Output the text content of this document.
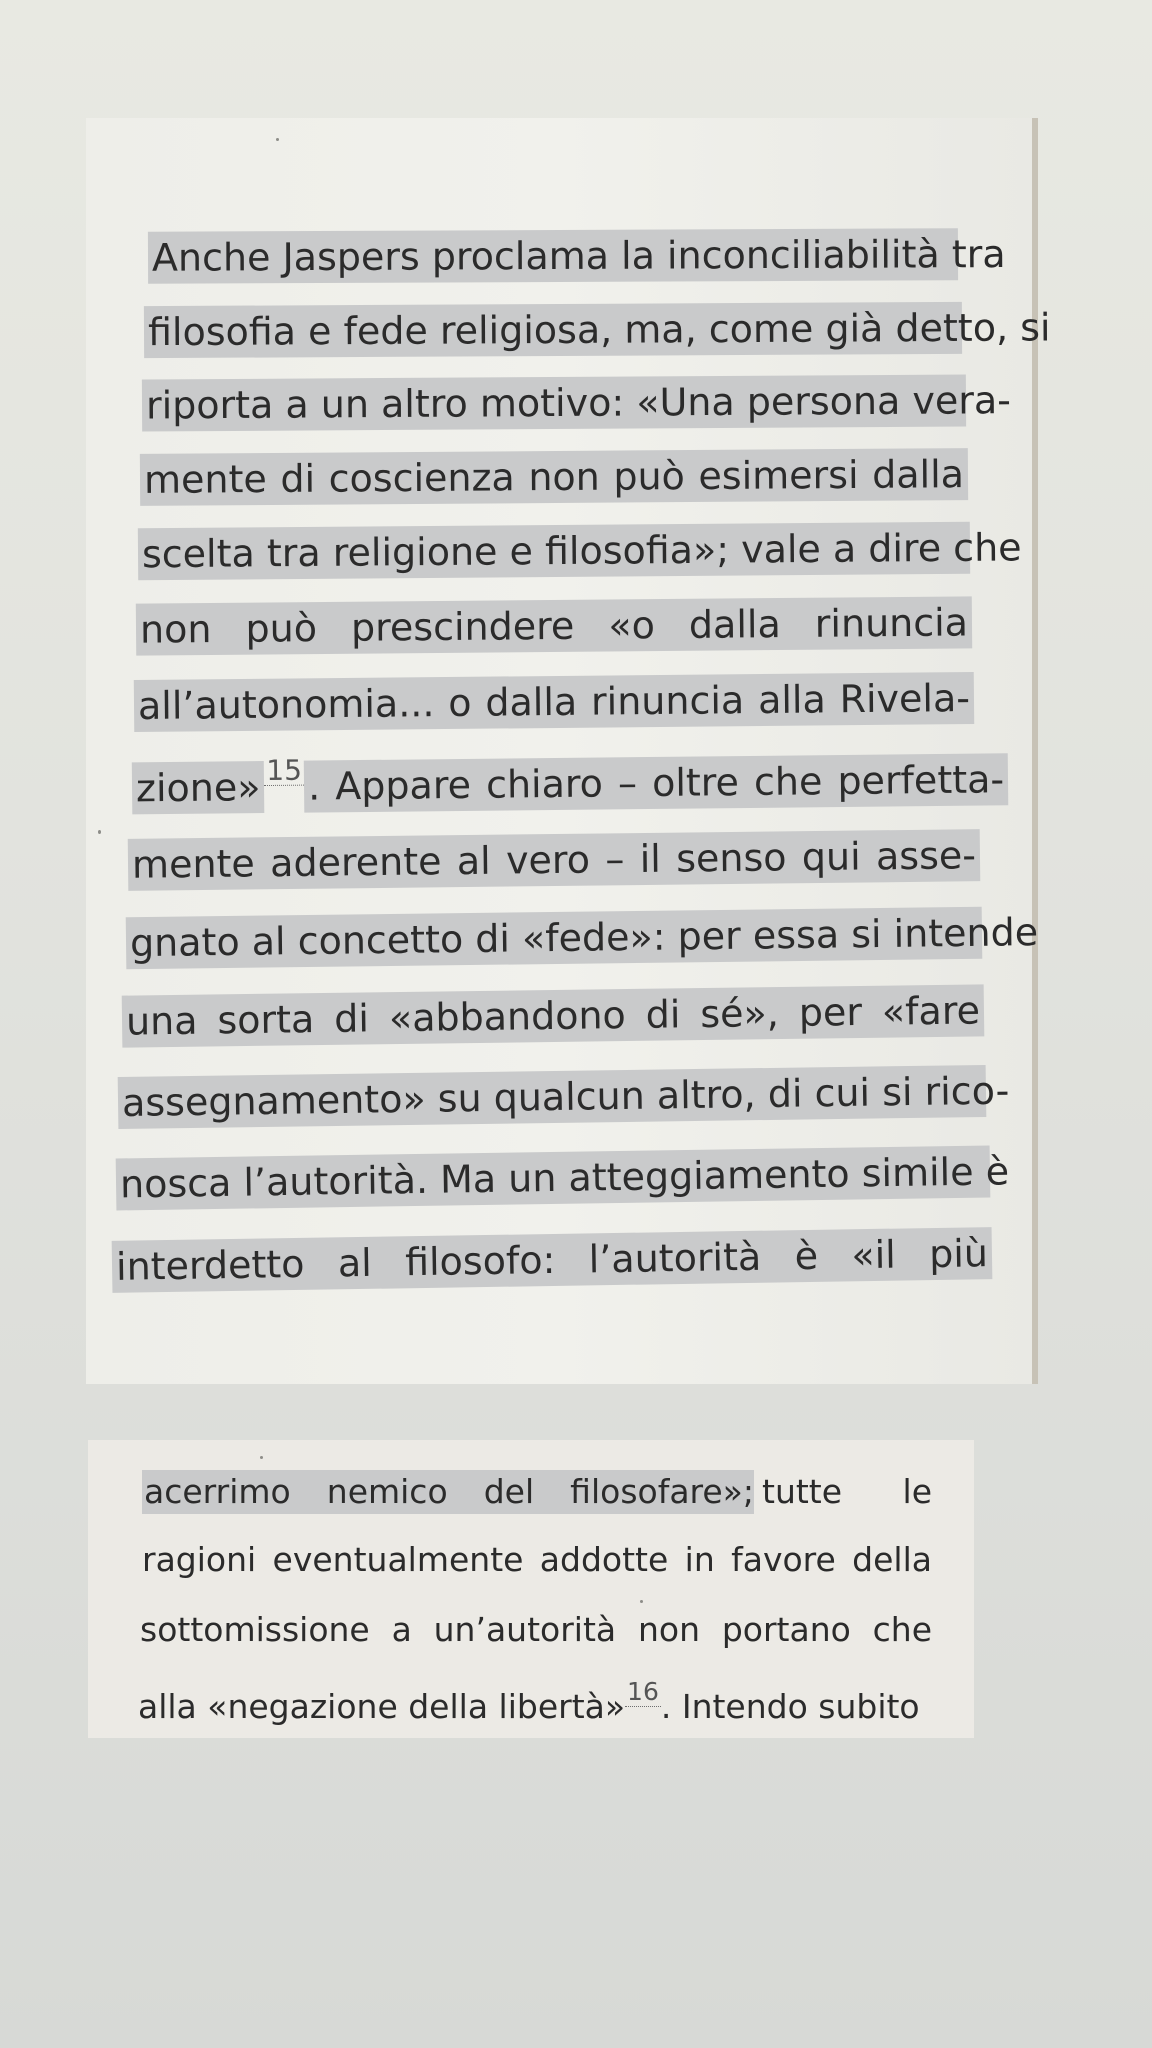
Anche Jaspers proclama la inconciliabilità tra
filosofia e fede religiosa, ma, come già detto, si
riporta a un altro motivo: «Una persona vera-
mente di coscienza non può esimersi dalla
scelta tra religione e filosofia»; vale a dire che
non può prescindere «o dalla rinuncia
all’autonomia... o dalla rinuncia alla Rivela-
zione» 15 . Appare chiaro – oltre che perfetta-
mente aderente al vero – il senso qui asse-
gnato al concetto di «fede»: per essa si intende
una sorta di «abbandono di sé», per «fare
assegnamento» su qualcun altro, di cui si rico-
nosca l’autorità. Ma un atteggiamento simile è
interdetto al filosofo: l’autorità è «il più
acerrimo nemico del filosofare»; tutte le
ragioni eventualmente addotte in favore della
sottomissione a un’autorità non portano che
alla «negazione della libertà»16. Intendo subito
